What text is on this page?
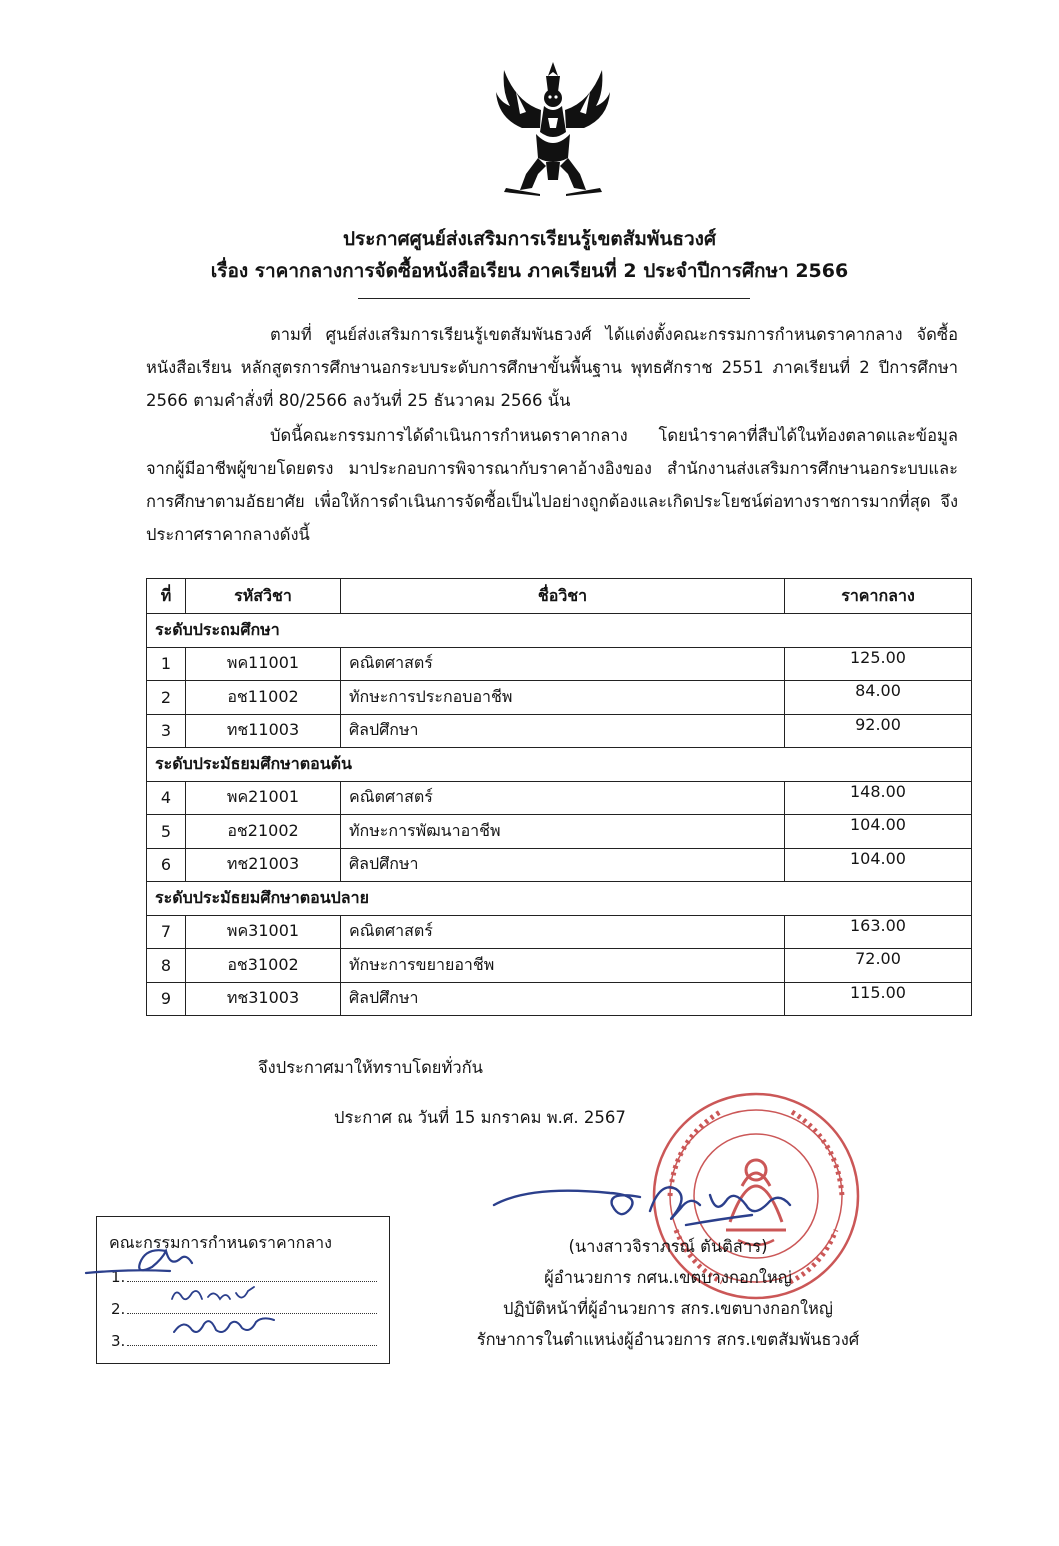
ประกาศศูนย์ส่งเสริมการเรียนรู้เขตสัมพันธวงศ์
เรื่อง ราคากลางการจัดซื้อหนังสือเรียน ภาคเรียนที่ 2 ประจำปีการศึกษา 2566

ตามที่ ศูนย์ส่งเสริมการเรียนรู้เขตสัมพันธวงศ์ ได้แต่งตั้งคณะกรรมการกำหนดราคากลาง จัดซื้อหนังสือเรียน หลักสูตรการศึกษานอกระบบระดับการศึกษาขั้นพื้นฐาน พุทธศักราช 2551 ภาคเรียนที่ 2 ปีการศึกษา 2566 ตามคำสั่งที่ 80/2566 ลงวันที่ 25 ธันวาคม 2566 นั้น

บัดนี้คณะกรรมการได้ดำเนินการกำหนดราคากลาง โดยนำราคาที่สืบได้ในท้องตลาดและข้อมูลจากผู้มีอาชีพผู้ขายโดยตรง มาประกอบการพิจารณากับราคาอ้างอิงของ สำนักงานส่งเสริมการศึกษานอกระบบและการศึกษาตามอัธยาศัย เพื่อให้การดำเนินการจัดซื้อเป็นไปอย่างถูกต้องและเกิดประโยชน์ต่อทางราชการมากที่สุด จึงประกาศราคากลางดังนี้

ที่	รหัสวิชา	ชื่อวิชา	ราคากลาง
ระดับประถมศึกษา			
1	พค11001	คณิตศาสตร์	125.00
2	อช11002	ทักษะการประกอบอาชีพ	84.00
3	ทช11003	ศิลปศึกษา	92.00
ระดับประมัธยมศึกษาตอนต้น			
4	พค21001	คณิตศาสตร์	148.00
5	อช21002	ทักษะการพัฒนาอาชีพ	104.00
6	ทช21003	ศิลปศึกษา	104.00
ระดับประมัธยมศึกษาตอนปลาย			
7	พค31001	คณิตศาสตร์	163.00
8	อช31002	ทักษะการขยายอาชีพ	72.00
9	ทช31003	ศิลปศึกษา	115.00
จึงประกาศมาให้ทราบโดยทั่วกัน
ประกาศ ณ วันที่ 15 มกราคม พ.ศ. 2567
(นางสาวจิราภรณ์ ตันติสาร)
ผู้อำนวยการ กศน.เขตบางกอกใหญ่
ปฏิบัติหน้าที่ผู้อำนวยการ สกร.เขตบางกอกใหญ่
รักษาการในตำแหน่งผู้อำนวยการ สกร.เขตสัมพันธวงศ์
คณะกรรมการกำหนดราคากลาง
1.
2.
3.
